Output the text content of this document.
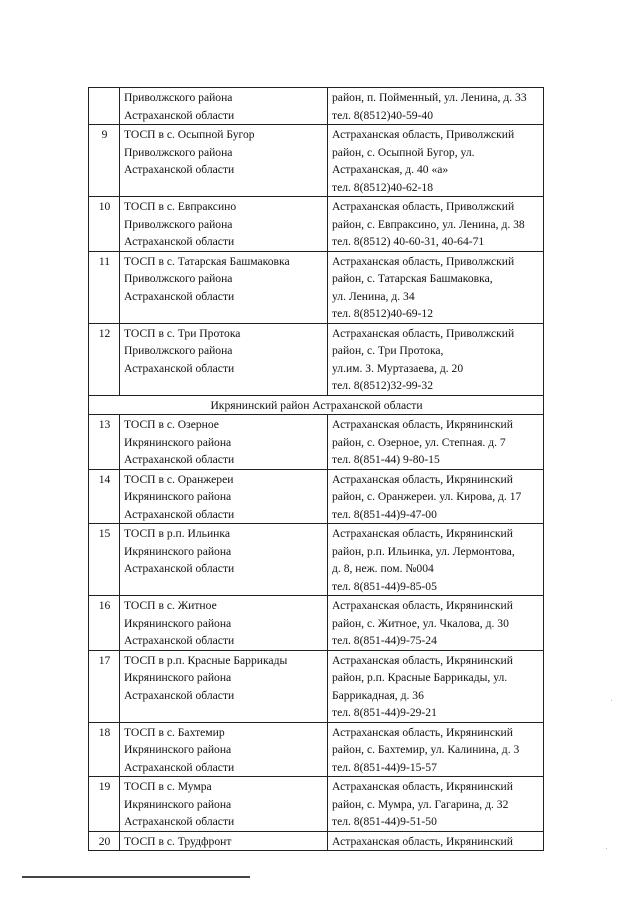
	Приволжского района
Астраханской области	район, п. Пойменный, ул. Ленина, д. 33
тел. 8(8512)40-59-40

9	ТОСП в с. Осыпной Бугор
Приволжского района
Астраханской области	Астраханская область, Приволжский
район, с. Осыпной Бугор, ул.
Астраханская, д. 40 «а»
тел. 8(8512)40-62-18

10	ТОСП в с. Евпраксино
Приволжского района
Астраханской области	Астраханская область, Приволжский
район, с. Евпраксино, ул. Ленина, д. 38
тел. 8(8512) 40-60-31, 40-64-71

11	ТОСП в с. Татарская Башмаковка
Приволжского района
Астраханской области	Астраханская область, Приволжский
район, с. Татарская Башмаковка,
ул. Ленина, д. 34
тел. 8(8512)40-69-12

12	ТОСП в с. Три Протока
Приволжского района
Астраханской области	Астраханская область, Приволжский
район, с. Три Протока,
ул.им. З. Муртазаева, д. 20
тел. 8(8512)32-99-32

Икрянинский район Астраханской области		
13	ТОСП в с. Озерное
Икрянинского района
Астраханской области	Астраханская область, Икрянинский
район, с. Озерное, ул. Степная. д. 7
тел. 8(851-44) 9-80-15

14	ТОСП в с. Оранжереи
Икрянинского района
Астраханской области	Астраханская область, Икрянинский
район, с. Оранжереи. ул. Кирова, д. 17
тел. 8(851-44)9-47-00

15	ТОСП в р.п. Ильинка
Икрянинского района
Астраханской области	Астраханская область, Икрянинский
район, р.п. Ильинка, ул. Лермонтова,
д. 8, неж. пом. №004
тел. 8(851-44)9-85-05

16	ТОСП в с. Житное
Икрянинского района
Астраханской области	Астраханская область, Икрянинский
район, с. Житное, ул. Чкалова, д. 30
тел. 8(851-44)9-75-24

17	ТОСП в р.п. Красные Баррикады
Икрянинского района
Астраханской области	Астраханская область, Икрянинский
район, р.п. Красные Баррикады, ул.
Баррикадная, д. 36
тел. 8(851-44)9-29-21

18	ТОСП в с. Бахтемир
Икрянинского района
Астраханской области	Астраханская область, Икрянинский
район, с. Бахтемир, ул. Калинина, д. 3
тел. 8(851-44)9-15-57

19	ТОСП в с. Мумра
Икрянинского района
Астраханской области	Астраханская область, Икрянинский
район, с. Мумра, ул. Гагарина, д. 32
тел. 8(851-44)9-51-50

20	ТОСП в с. Трудфронт	Астраханская область, Икрянинский
